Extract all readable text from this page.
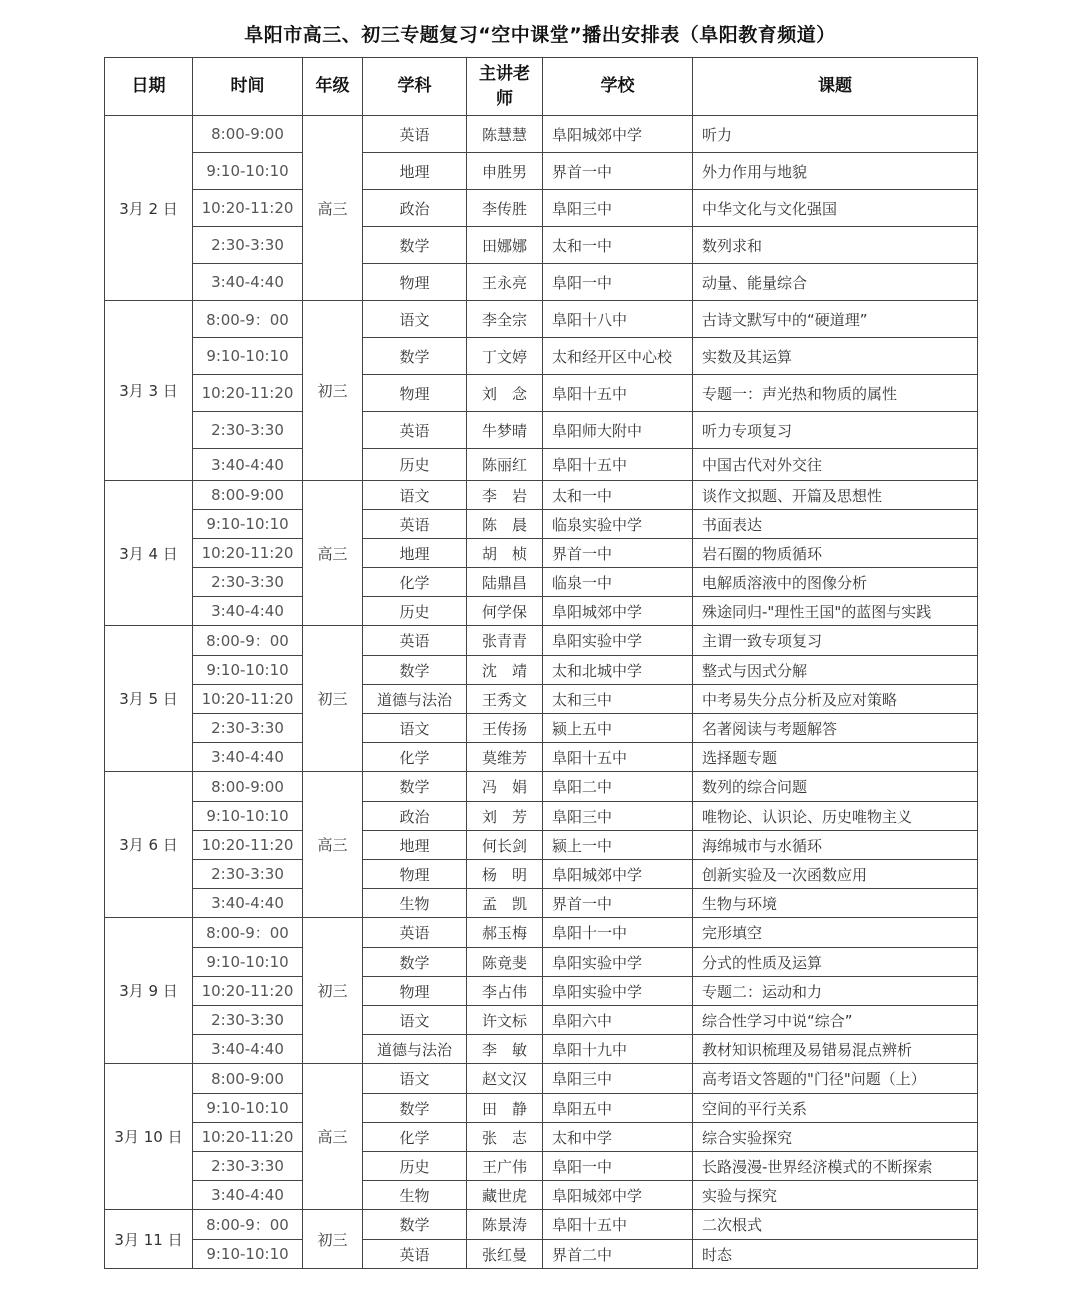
阜阳市高三、初三专题复习“空中课堂”播出安排表（阜阳教育频道）
日期	时间	年级	学科	主讲老师	学校	课题
3月 2 日	8:00-9:00	高三	英语	陈慧慧	阜阳城郊中学	听力
	9:10-10:10		地理	申胜男	界首一中	外力作用与地貌
	10:20-11:20		政治	李传胜	阜阳三中	中华文化与文化强国
	2:30-3:30		数学	田娜娜	太和一中	数列求和
	3:40-4:40		物理	王永亮	阜阳一中	动量、能量综合
3月 3 日	8:00-9：00	初三	语文	李全宗	阜阳十八中	古诗文默写中的“硬道理”
	9:10-10:10		数学	丁文婷	太和经开区中心校	实数及其运算
	10:20-11:20		物理	刘　念	阜阳十五中	专题一：声光热和物质的属性
	2:30-3:30		英语	牛梦晴	阜阳师大附中	听力专项复习
	3:40-4:40		历史	陈丽红	阜阳十五中	中国古代对外交往
3月 4 日	8:00-9:00	高三	语文	李　岩	太和一中	谈作文拟题、开篇及思想性
	9:10-10:10		英语	陈　晨	临泉实验中学	书面表达
	10:20-11:20		地理	胡　桢	界首一中	岩石圈的物质循环
	2:30-3:30		化学	陆鼎昌	临泉一中	电解质溶液中的图像分析
	3:40-4:40		历史	何学保	阜阳城郊中学	殊途同归-"理性王国"的蓝图与实践
3月 5 日	8:00-9：00	初三	英语	张青青	阜阳实验中学	主谓一致专项复习
	9:10-10:10		数学	沈　靖	太和北城中学	整式与因式分解
	10:20-11:20		道德与法治	王秀文	太和三中	中考易失分点分析及应对策略
	2:30-3:30		语文	王传扬	颍上五中	名著阅读与考题解答
	3:40-4:40		化学	莫维芳	阜阳十五中	选择题专题
3月 6 日	8:00-9:00	高三	数学	冯　娟	阜阳二中	数列的综合问题
	9:10-10:10		政治	刘　芳	阜阳三中	唯物论、认识论、历史唯物主义
	10:20-11:20		地理	何长剑	颍上一中	海绵城市与水循环
	2:30-3:30		物理	杨　明	阜阳城郊中学	创新实验及一次函数应用
	3:40-4:40		生物	孟　凯	界首一中	生物与环境
3月 9 日	8:00-9：00	初三	英语	郝玉梅	阜阳十一中	完形填空
	9:10-10:10		数学	陈竟斐	阜阳实验中学	分式的性质及运算
	10:20-11:20		物理	李占伟	阜阳实验中学	专题二：运动和力
	2:30-3:30		语文	许文标	阜阳六中	综合性学习中说“综合”
	3:40-4:40		道德与法治	李　敏	阜阳十九中	教材知识梳理及易错易混点辨析
3月 10 日	8:00-9:00	高三	语文	赵文汉	阜阳三中	高考语文答题的"门径"问题（上）
	9:10-10:10		数学	田　静	阜阳五中	空间的平行关系
	10:20-11:20		化学	张　志	太和中学	综合实验探究
	2:30-3:30		历史	王广伟	阜阳一中	长路漫漫-世界经济模式的不断探索
	3:40-4:40		生物	藏世虎	阜阳城郊中学	实验与探究
3月 11 日	8:00-9：00	初三	数学	陈景涛	阜阳十五中	二次根式
	9:10-10:10		英语	张红曼	界首二中	时态
